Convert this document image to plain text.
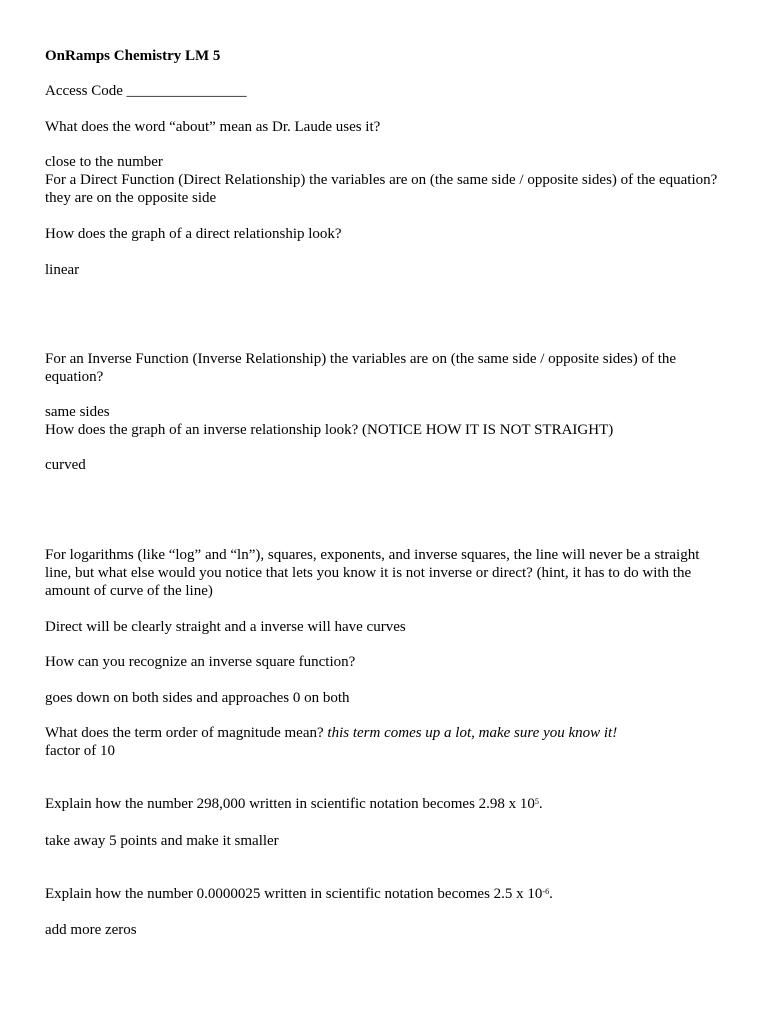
OnRamps Chemistry LM 5
Access Code ________________
What does the word “about” mean as Dr. Laude uses it?
close to the number
For a Direct Function (Direct Relationship) the variables are on (the same side / opposite sides) of the equation?
they are on the opposite side
How does the graph of a direct relationship look?
linear
For an Inverse Function (Inverse Relationship) the variables are on (the same side / opposite sides) of the
equation?
same sides
How does the graph of an inverse relationship look? (NOTICE HOW IT IS NOT STRAIGHT)
curved
For logarithms (like “log” and “ln”), squares, exponents, and inverse squares, the line will never be a straight
line, but what else would you notice that lets you know it is not inverse or direct? (hint, it has to do with the
amount of curve of the line)
Direct will be clearly straight and a inverse will have curves
How can you recognize an inverse square function?
goes down on both sides and approaches 0 on both
What does the term order of magnitude mean? this term comes up a lot, make sure you know it!
factor of 10
Explain how the number 298,000 written in scientific notation becomes 2.98 x $10^5$.
take away 5 points and make it smaller
Explain how the number 0.0000025 written in scientific notation becomes 2.5 x $10^{-6}$.
add more zeros
